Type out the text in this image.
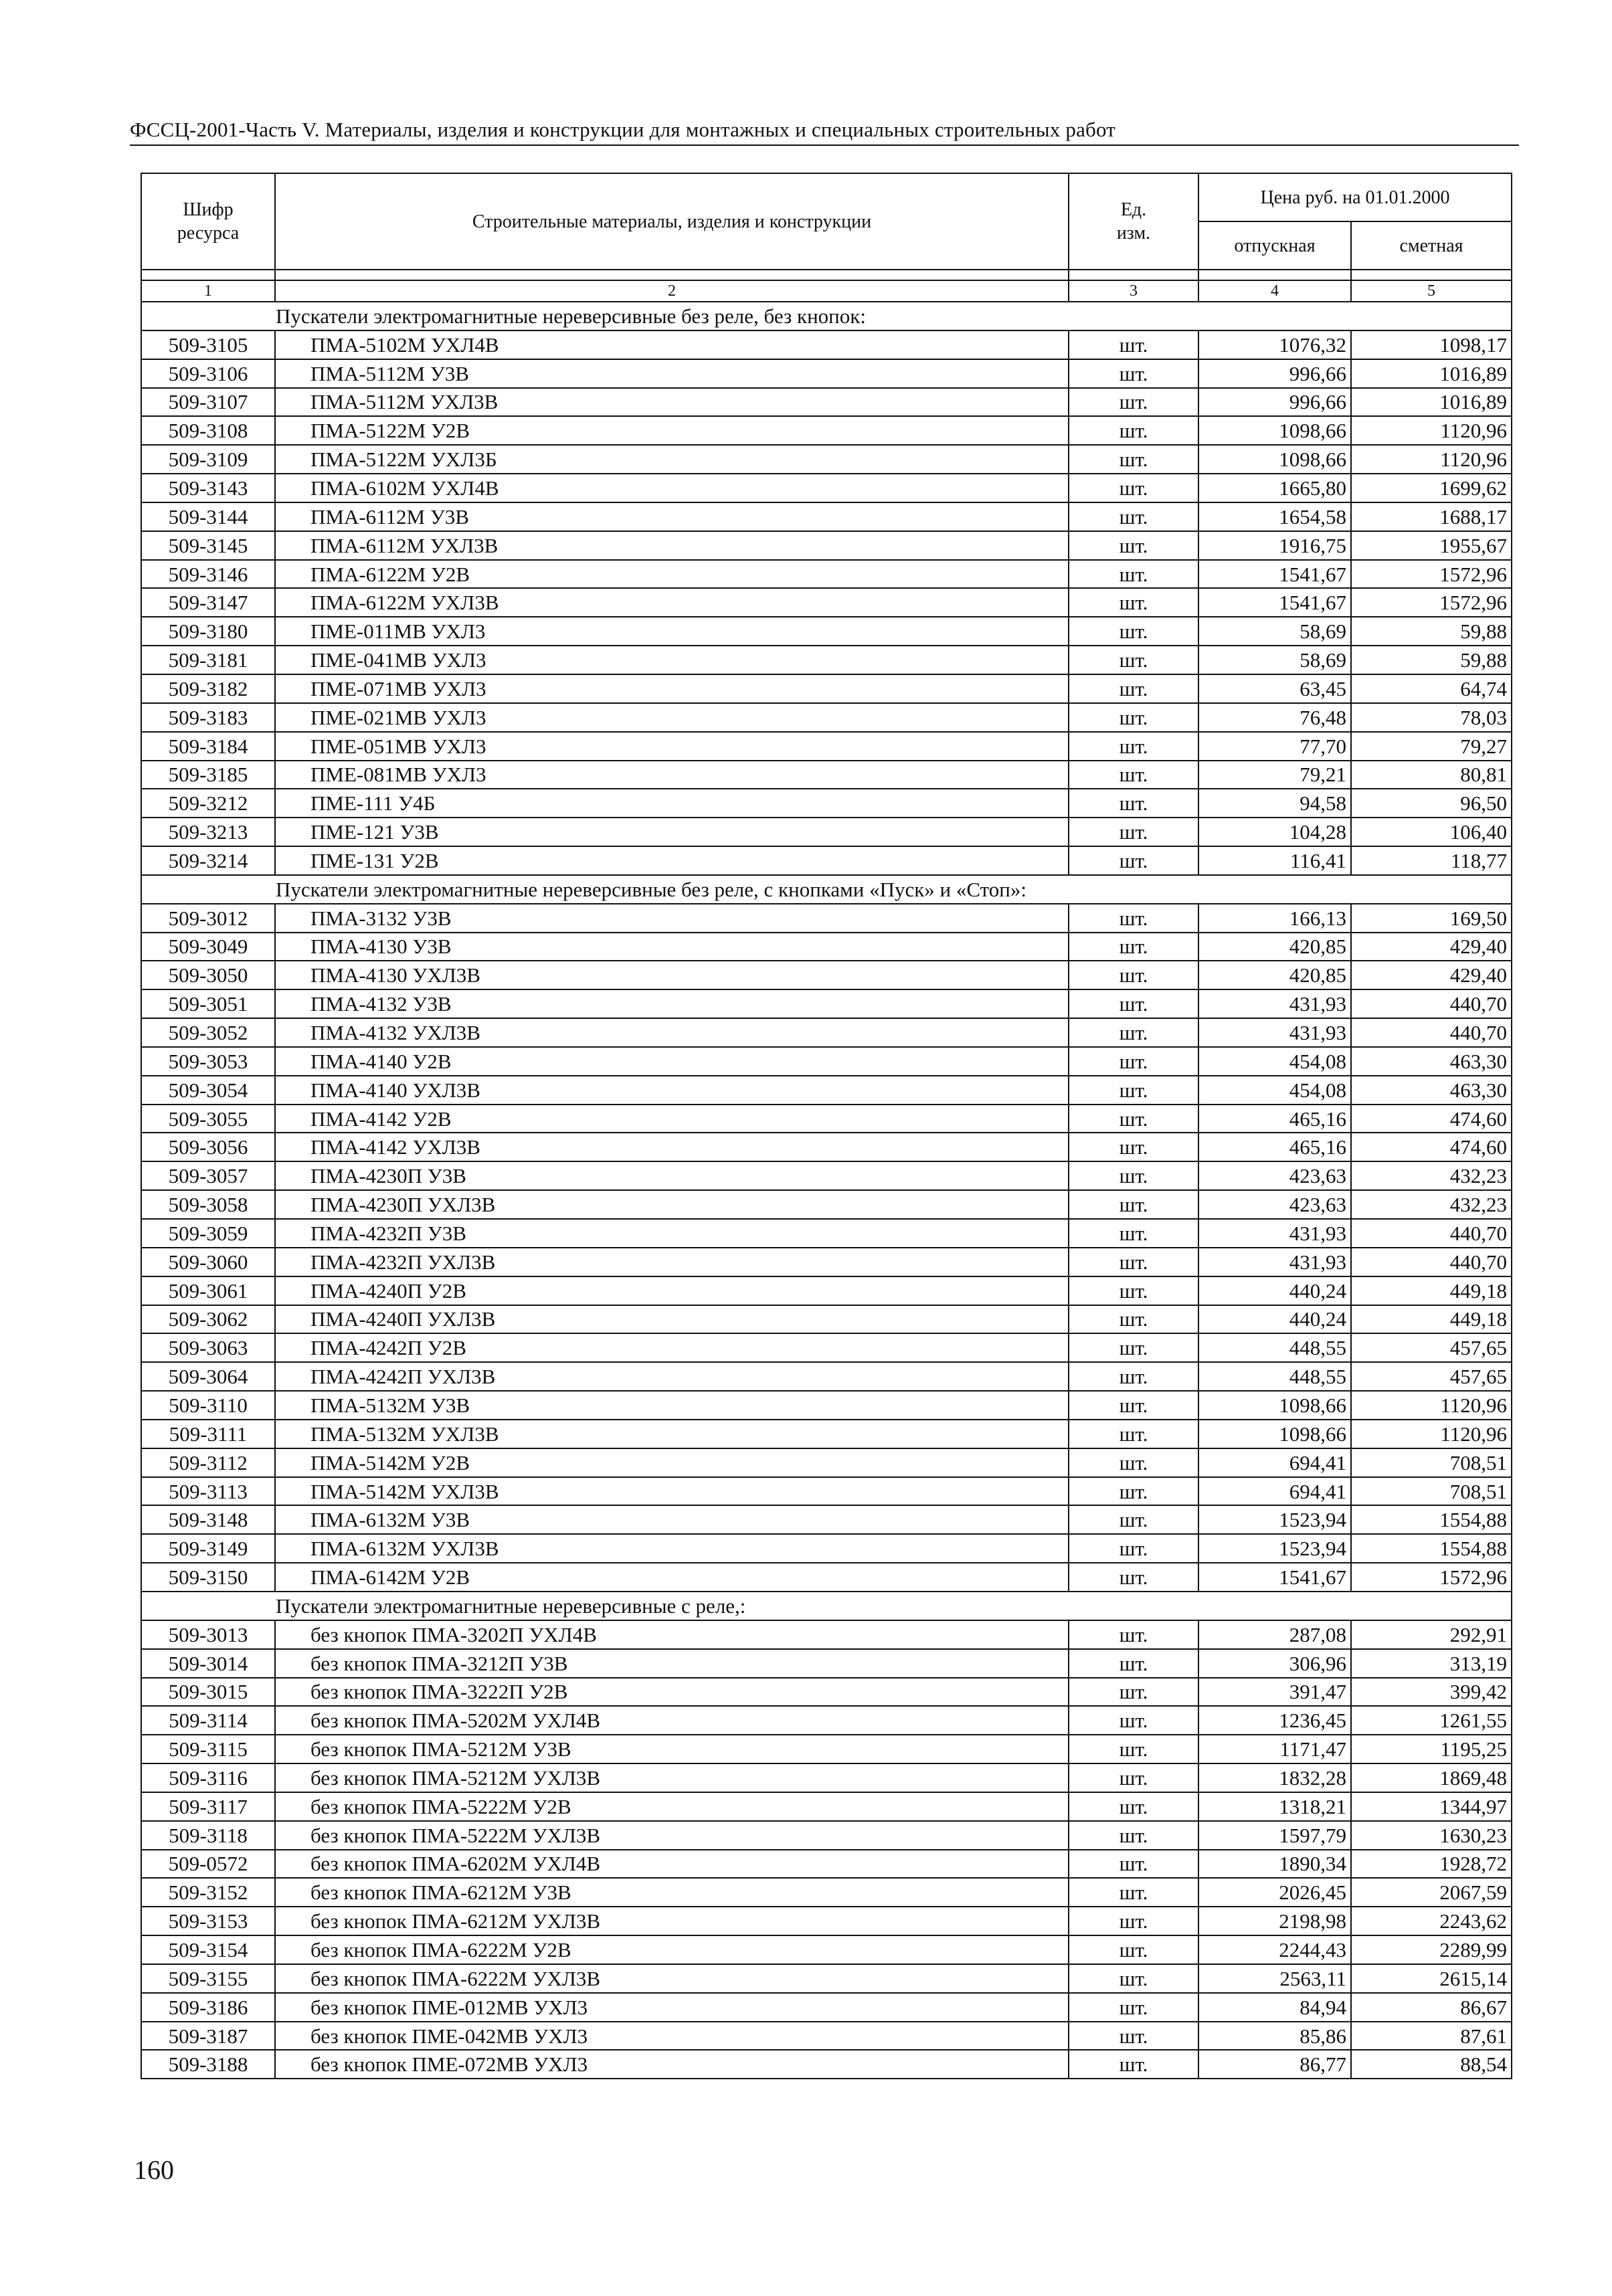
ФССЦ-2001-Часть V. Материалы, изделия и конструкции для монтажных и специальных строительных работ
Шифр ресурса	Строительные материалы, изделия и конструкции	Ед. изм.	Цена руб. на 01.01.2000	
			отпускная	сметная

1	2	3	4	5
Пускатели электромагнитные нереверсивные без реле, без кнопок:				
509-3105	ПМА-5102М УХЛ4В	шт.	1076,32	1098,17
509-3106	ПМА-5112М У3В	шт.	996,66	1016,89
509-3107	ПМА-5112М УХЛ3В	шт.	996,66	1016,89
509-3108	ПМА-5122М У2В	шт.	1098,66	1120,96
509-3109	ПМА-5122М УХЛ3Б	шт.	1098,66	1120,96
509-3143	ПМА-6102М УХЛ4В	шт.	1665,80	1699,62
509-3144	ПМА-6112М У3В	шт.	1654,58	1688,17
509-3145	ПМА-6112М УХЛ3В	шт.	1916,75	1955,67
509-3146	ПМА-6122М У2В	шт.	1541,67	1572,96
509-3147	ПМА-6122М УХЛ3В	шт.	1541,67	1572,96
509-3180	ПМЕ-011МВ УХЛ3	шт.	58,69	59,88
509-3181	ПМЕ-041МВ УХЛ3	шт.	58,69	59,88
509-3182	ПМЕ-071МВ УХЛ3	шт.	63,45	64,74
509-3183	ПМЕ-021МВ УХЛ3	шт.	76,48	78,03
509-3184	ПМЕ-051МВ УХЛ3	шт.	77,70	79,27
509-3185	ПМЕ-081МВ УХЛ3	шт.	79,21	80,81
509-3212	ПМЕ-111 У4Б	шт.	94,58	96,50
509-3213	ПМЕ-121 У3В	шт.	104,28	106,40
509-3214	ПМЕ-131 У2В	шт.	116,41	118,77
Пускатели электромагнитные нереверсивные без реле, с кнопками «Пуск» и «Стоп»:				
509-3012	ПМА-3132 У3В	шт.	166,13	169,50
509-3049	ПМА-4130 У3В	шт.	420,85	429,40
509-3050	ПМА-4130 УХЛ3В	шт.	420,85	429,40
509-3051	ПМА-4132 У3В	шт.	431,93	440,70
509-3052	ПМА-4132 УХЛ3В	шт.	431,93	440,70
509-3053	ПМА-4140 У2В	шт.	454,08	463,30
509-3054	ПМА-4140 УХЛ3В	шт.	454,08	463,30
509-3055	ПМА-4142 У2В	шт.	465,16	474,60
509-3056	ПМА-4142 УХЛ3В	шт.	465,16	474,60
509-3057	ПМА-4230П У3В	шт.	423,63	432,23
509-3058	ПМА-4230П УХЛ3В	шт.	423,63	432,23
509-3059	ПМА-4232П У3В	шт.	431,93	440,70
509-3060	ПМА-4232П УХЛ3В	шт.	431,93	440,70
509-3061	ПМА-4240П У2В	шт.	440,24	449,18
509-3062	ПМА-4240П УХЛ3В	шт.	440,24	449,18
509-3063	ПМА-4242П У2В	шт.	448,55	457,65
509-3064	ПМА-4242П УХЛ3В	шт.	448,55	457,65
509-3110	ПМА-5132М У3В	шт.	1098,66	1120,96
509-3111	ПМА-5132М УХЛ3В	шт.	1098,66	1120,96
509-3112	ПМА-5142М У2В	шт.	694,41	708,51
509-3113	ПМА-5142М УХЛ3В	шт.	694,41	708,51
509-3148	ПМА-6132М У3В	шт.	1523,94	1554,88
509-3149	ПМА-6132М УХЛ3В	шт.	1523,94	1554,88
509-3150	ПМА-6142М У2В	шт.	1541,67	1572,96
Пускатели электромагнитные нереверсивные с реле,:				
509-3013	без кнопок ПМА-3202П УХЛ4В	шт.	287,08	292,91
509-3014	без кнопок ПМА-3212П У3В	шт.	306,96	313,19
509-3015	без кнопок ПМА-3222П У2В	шт.	391,47	399,42
509-3114	без кнопок ПМА-5202М УХЛ4В	шт.	1236,45	1261,55
509-3115	без кнопок ПМА-5212М У3В	шт.	1171,47	1195,25
509-3116	без кнопок ПМА-5212М УХЛ3В	шт.	1832,28	1869,48
509-3117	без кнопок ПМА-5222М У2В	шт.	1318,21	1344,97
509-3118	без кнопок ПМА-5222М УХЛ3В	шт.	1597,79	1630,23
509-0572	без кнопок ПМА-6202М УХЛ4В	шт.	1890,34	1928,72
509-3152	без кнопок ПМА-6212М У3В	шт.	2026,45	2067,59
509-3153	без кнопок ПМА-6212М УХЛ3В	шт.	2198,98	2243,62
509-3154	без кнопок ПМА-6222М У2В	шт.	2244,43	2289,99
509-3155	без кнопок ПМА-6222М УХЛ3В	шт.	2563,11	2615,14
509-3186	без кнопок ПМЕ-012МВ УХЛ3	шт.	84,94	86,67
509-3187	без кнопок ПМЕ-042МВ УХЛ3	шт.	85,86	87,61
509-3188	без кнопок ПМЕ-072МВ УХЛ3	шт.	86,77	88,54
160
